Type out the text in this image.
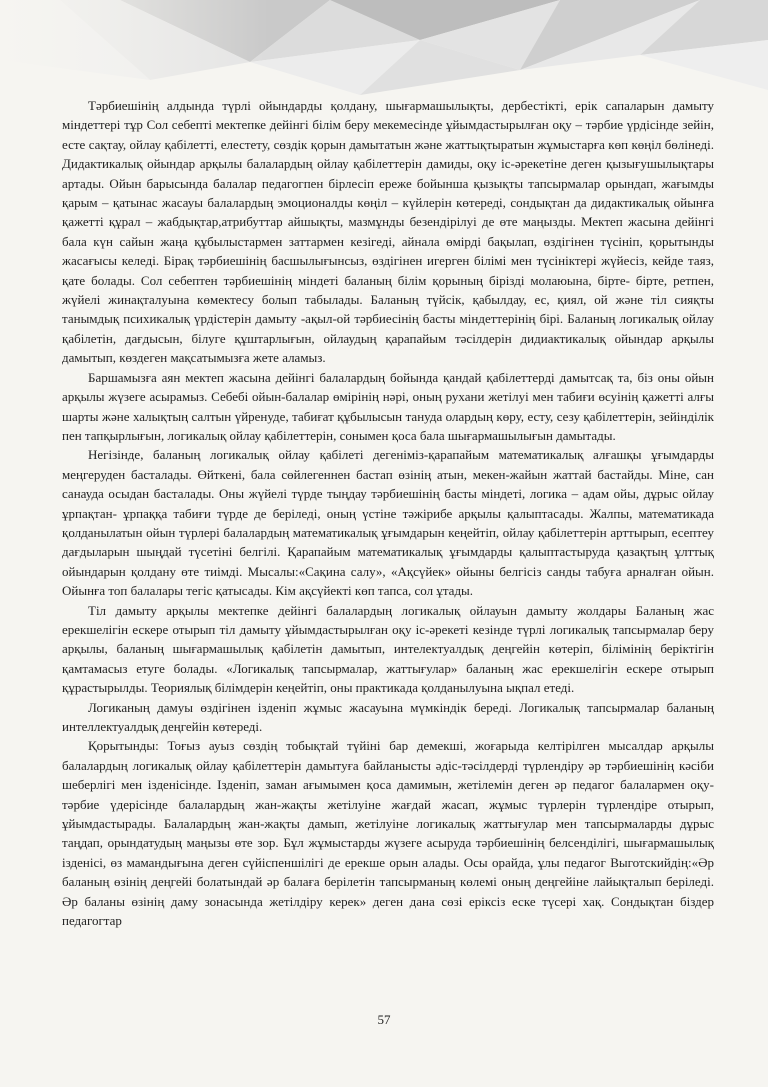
Тәрбиешінің алдында түрлі ойындарды қолдану, шығармашылықты, дербестікті, ерік сапаларын дамыту міндеттері тұр Сол себепті мектепке дейінгі білім беру мекемесінде ұйымдастырылған оқу – тәрбие үрдісінде зейін, есте сақтау, ойлау қабілетті, елестету, сөздік қорын дамытатын және жаттықтыратын жұмыстарға көп көңіл бөлінеді. Дидактикалық ойындар арқылы балалардың ойлау қабілеттерін дамиды, оқу іс-әрекетіне деген қызығушылықтары артады. Ойын барысында балалар педагогпен бірлесіп ереже бойынша қызықты тапсырмалар орындап, жағымды қарым – қатынас жасауы балалардың эмоционалды көңіл – күйлерін көтереді, сондықтан да дидактикалық ойынға қажетті құрал – жабдықтар,атрибуттар айшықты, мазмұнды безендірілуі де өте маңызды. Мектеп жасына дейінгі бала күн сайын жаңа құбылыстармен заттармен кезігеді, айнала өмірді бақылап, өздігінен түсініп, қорытынды жасағысы келеді. Бірақ тәрбиешінің басшылығынсыз, өздігінен игерген білімі мен түсініктері жүйесіз, кейде таяз, қате болады. Сол себептен тәрбиешінің міндеті баланың білім қорының бірізді молаюына, бірте- бірте, ретпен, жүйелі жинақталуына көмектесу болып табылады. Баланың түйсік, қабылдау, ес, қиял, ой және тіл сияқты танымдық психикалық үрдістерін дамыту -ақыл-ой тәрбиесінің басты міндеттерінің бірі. Баланың логикалық ойлау қабілетін, дағдысын, білуге құштарлығын, ойлаудың қарапайым тәсілдерін дидиактикалық ойындар арқылы дамытып, көздеген мақсатымызға жете аламыз.

Баршамызға аян мектеп жасына дейінгі балалардың бойында қандай қабілеттерді дамытсақ та, біз оны ойын арқылы жүзеге асырамыз. Себебі ойын-балалар өмірінің нәрі, оның рухани жетілуі мен табиғи өсуінің қажетті алғы шарты және халықтың салтын үйренуде, табиғат құбылысын тануда олардың көру, есту, сезу қабілеттерін, зейінділік пен тапқырлығын, логикалық ойлау қабілеттерін, сонымен қоса бала шығармашылығын дамытады.

Негізінде, баланың логикалық ойлау қабілеті дегеніміз-қарапайым математикалық алғашқы ұғымдарды меңгеруден басталады. Өйткені, бала сөйлегеннен бастап өзінің атын, мекен-жайын жаттай бастайды. Міне, сан санауда осыдан басталады. Оны жүйелі түрде тыңдау тәрбиешінің басты міндеті, логика – адам ойы, дұрыс ойлау ұрпақтан- ұрпаққа табиғи түрде де беріледі, оның үстіне тәжірибе арқылы қалыптасады. Жалпы, математикада қолданылатын ойын түрлері балалардың математикалық ұғымдарын кеңейтіп, ойлау қабілеттерін арттырып, есептеу дағдыларын шыңдай түсетіні белгілі. Қарапайым математикалық ұғымдарды қалыптастыруда қазақтың ұлттық ойындарын қолдану өте тиімді. Мысалы:«Сақина салу», «Ақсүйек» ойыны белгісіз санды табуға арналған ойын. Ойынға топ балалары тегіс қатысады. Кім ақсүйекті көп тапса, сол ұтады.

Тіл дамыту арқылы мектепке дейінгі балалардың логикалық ойлауын дамыту жолдары Баланың жас ерекшелігін ескере отырып тіл дамыту ұйымдастырылған оқу іс-әрекеті кезінде түрлі логикалық тапсырмалар беру арқылы, баланың шығармашылық қабілетін дамытып, интелектуалдық деңгейін көтеріп, білімінің беріктігін қамтамасыз етуге болады. «Логикалық тапсырмалар, жаттығулар» баланың жас ерекшелігін ескере отырып құрастырылды. Теориялық білімдерін кеңейтіп, оны практикада қолданылуына ықпал етеді.

Логиканың дамуы өздігінен ізденіп жұмыс жасауына мүмкіндік береді. Логикалық тапсырмалар баланың интеллектуалдық деңгейін көтереді.

Қорытынды: Тоғыз ауыз сөздің тобықтай түйіні бар демекші, жоғарыда келтірілген мысалдар арқылы балалардың логикалық ойлау қабілеттерін дамытуға байланысты әдіс-тәсілдерді түрлендіру әр тәрбиешінің кәсіби шеберлігі мен ізденісінде. Ізденіп, заман ағымымен қоса дамимын, жетілемін деген әр педагог балалармен оқу-тәрбие үдерісінде балалардың жан-жақты жетілуіне жағдай жасап, жұмыс түрлерін түрлендіре отырып, ұйымдастырады. Балалардың жан-жақты дамып, жетілуіне логикалық жаттығулар мен тапсырмаларды дұрыс таңдап, орындатудың маңызы өте зор. Бұл жұмыстарды жүзеге асыруда тәрбиешінің белсенділігі, шығармашылық ізденісі, өз мамандығына деген сүйіспеншілігі де ерекше орын алады. Осы орайда, ұлы педагог Выготскийдің:«Әр баланың өзінің деңгейі болатындай әр балаға берілетін тапсырманың көлемі оның деңгейіне лайықталып беріледі. Әр баланы өзінің даму зонасында жетілдіру керек» деген дана сөзі еріксіз еске түсері хақ. Сондықтан біздер педагогтар

57
